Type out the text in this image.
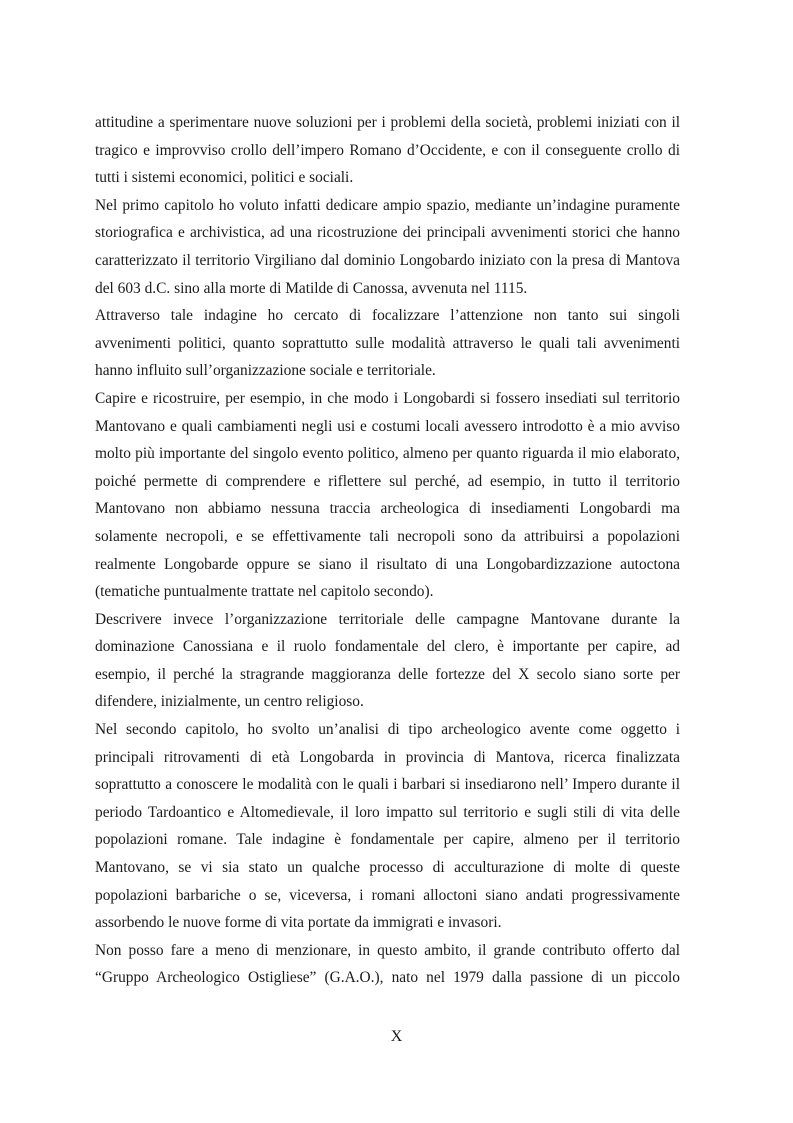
attitudine a sperimentare nuove soluzioni per i problemi della società, problemi iniziati con il tragico e improvviso crollo dell’impero Romano d’Occidente, e con il conseguente crollo di tutti i sistemi economici, politici e sociali.

Nel primo capitolo ho voluto infatti dedicare ampio spazio, mediante un’indagine puramente storiografica e archivistica, ad una ricostruzione dei principali avvenimenti storici che hanno caratterizzato il territorio Virgiliano dal dominio Longobardo iniziato con la presa di Mantova del 603 d.C. sino alla morte di Matilde di Canossa, avvenuta nel 1115.

Attraverso tale indagine ho cercato di focalizzare l’attenzione non tanto sui singoli avvenimenti politici, quanto soprattutto sulle modalità attraverso le quali tali avvenimenti hanno influito sull’organizzazione sociale e territoriale.

Capire e ricostruire, per esempio, in che modo i Longobardi si fossero insediati sul territorio Mantovano e quali cambiamenti negli usi e costumi locali avessero introdotto è a mio avviso molto più importante del singolo evento politico, almeno per quanto riguarda il mio elaborato, poiché permette di comprendere e riflettere sul perché, ad esempio, in tutto il territorio Mantovano non abbiamo nessuna traccia archeologica di insediamenti Longobardi ma solamente necropoli, e se effettivamente tali necropoli sono da attribuirsi a popolazioni realmente Longobarde oppure se siano il risultato di una Longobardizzazione autoctona (tematiche puntualmente trattate nel capitolo secondo).

Descrivere invece l’organizzazione territoriale delle campagne Mantovane durante la dominazione Canossiana e il ruolo fondamentale del clero, è importante per capire, ad esempio, il perché la stragrande maggioranza delle fortezze del X secolo siano sorte per difendere, inizialmente, un centro religioso.

Nel secondo capitolo, ho svolto un’analisi di tipo archeologico avente come oggetto i principali ritrovamenti di età Longobarda in provincia di Mantova, ricerca finalizzata soprattutto a conoscere le modalità con le quali i barbari si insediarono nell’ Impero durante il periodo Tardoantico e Altomedievale, il loro impatto sul territorio e sugli stili di vita delle popolazioni romane. Tale indagine è fondamentale per capire, almeno per il territorio Mantovano, se vi sia stato un qualche processo di acculturazione di molte di queste popolazioni barbariche o se, viceversa, i romani alloctoni siano andati progressivamente assorbendo le nuove forme di vita portate da immigrati e invasori.

Non posso fare a meno di menzionare, in questo ambito, il grande contributo offerto dal “Gruppo Archeologico Ostigliese” (G.A.O.), nato nel 1979 dalla passione di un piccolo

X
